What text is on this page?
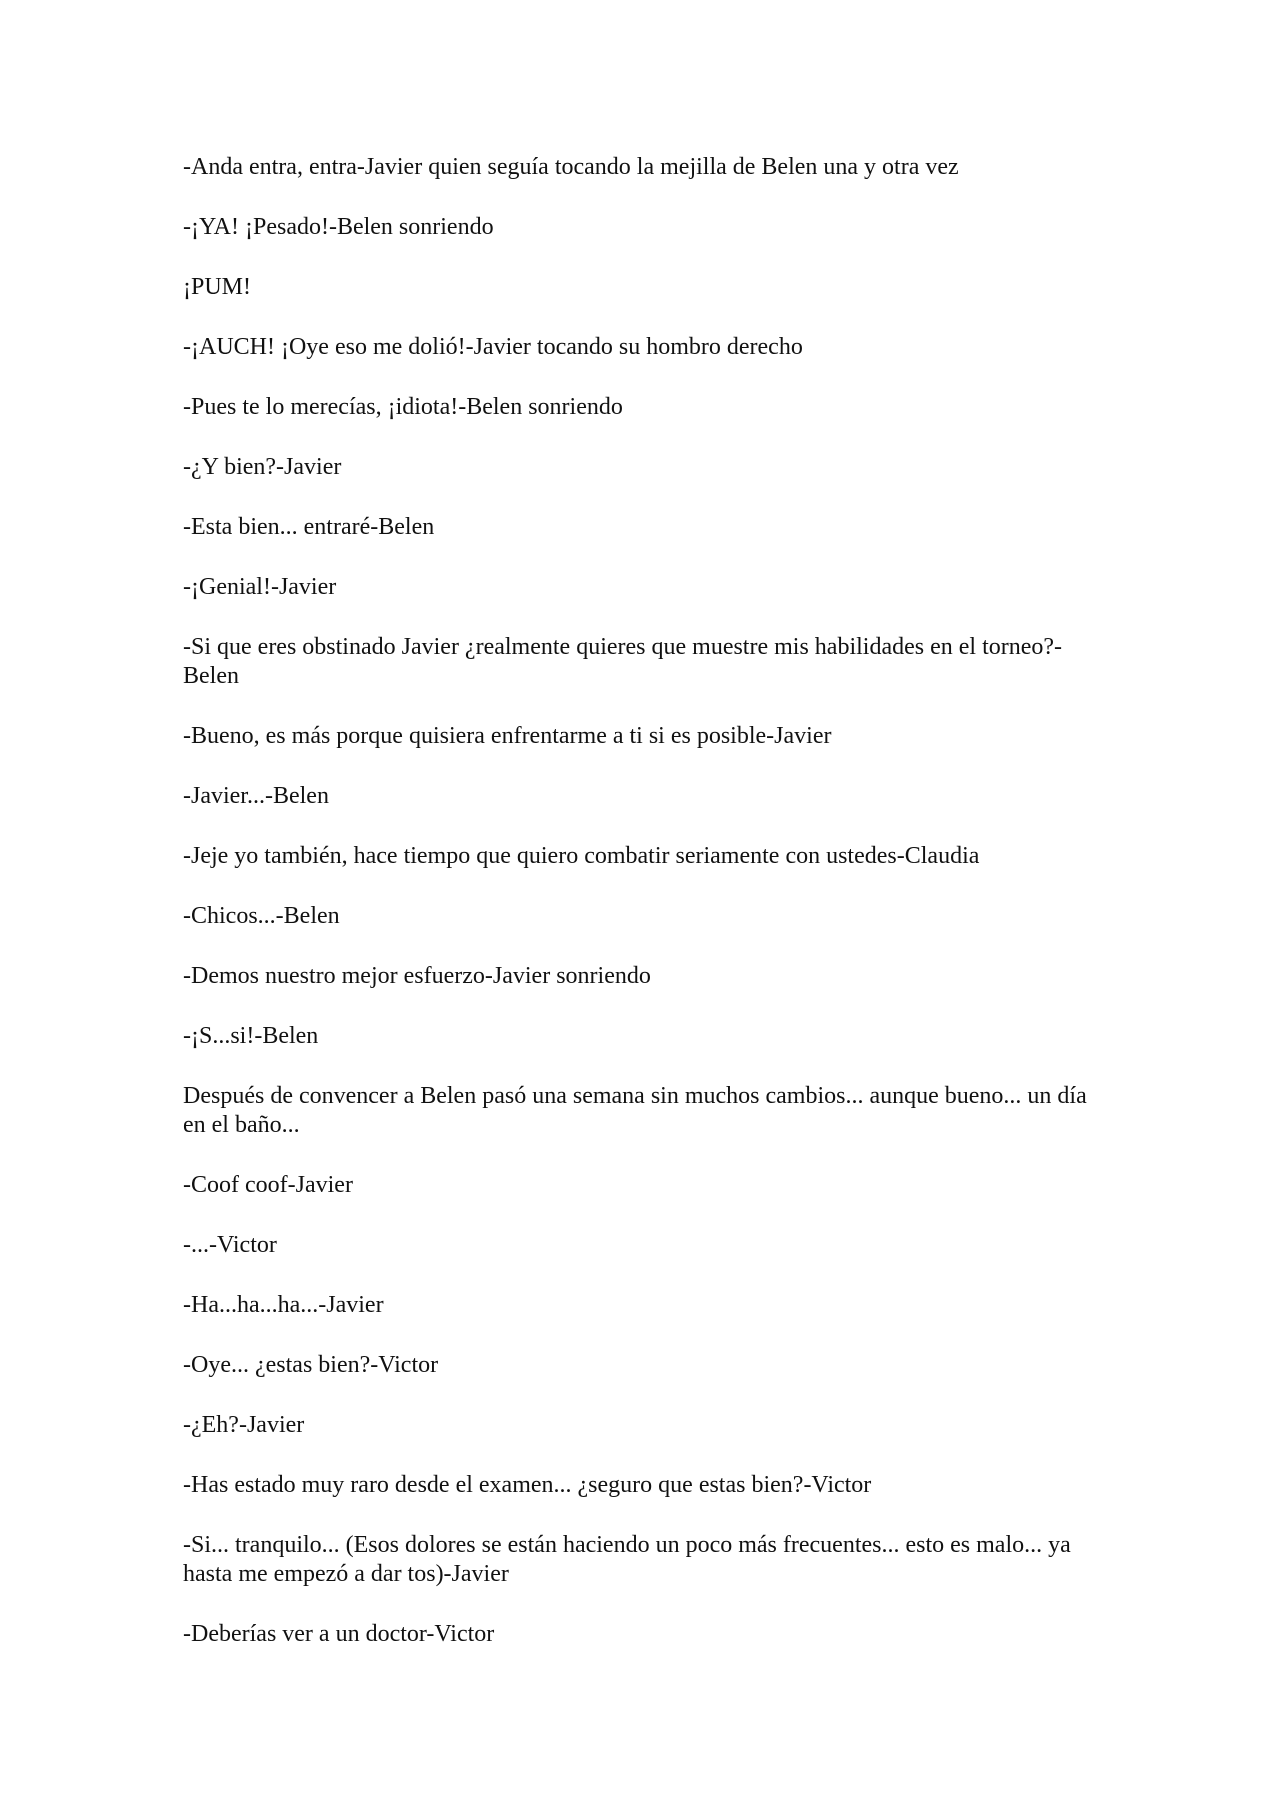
-Anda entra, entra-Javier quien seguía tocando la mejilla de Belen una y otra vez

-¡YA! ¡Pesado!-Belen sonriendo

¡PUM!

-¡AUCH! ¡Oye eso me dolió!-Javier tocando su hombro derecho

-Pues te lo merecías, ¡idiota!-Belen sonriendo

-¿Y bien?-Javier

-Esta bien... entraré-Belen

-¡Genial!-Javier

-Si que eres obstinado Javier ¿realmente quieres que muestre mis habilidades en el torneo?-Belen

-Bueno, es más porque quisiera enfrentarme a ti si es posible-Javier

-Javier...-Belen

-Jeje yo también, hace tiempo que quiero combatir seriamente con ustedes-Claudia

-Chicos...-Belen

-Demos nuestro mejor esfuerzo-Javier sonriendo

-¡S...si!-Belen

Después de convencer a Belen pasó una semana sin muchos cambios... aunque bueno... un día en el baño...

-Coof coof-Javier

-...-Victor

-Ha...ha...ha...-Javier

-Oye... ¿estas bien?-Victor

-¿Eh?-Javier

-Has estado muy raro desde el examen... ¿seguro que estas bien?-Victor

-Si... tranquilo... (Esos dolores se están haciendo un poco más frecuentes... esto es malo... ya hasta me empezó a dar tos)-Javier

-Deberías ver a un doctor-Victor
